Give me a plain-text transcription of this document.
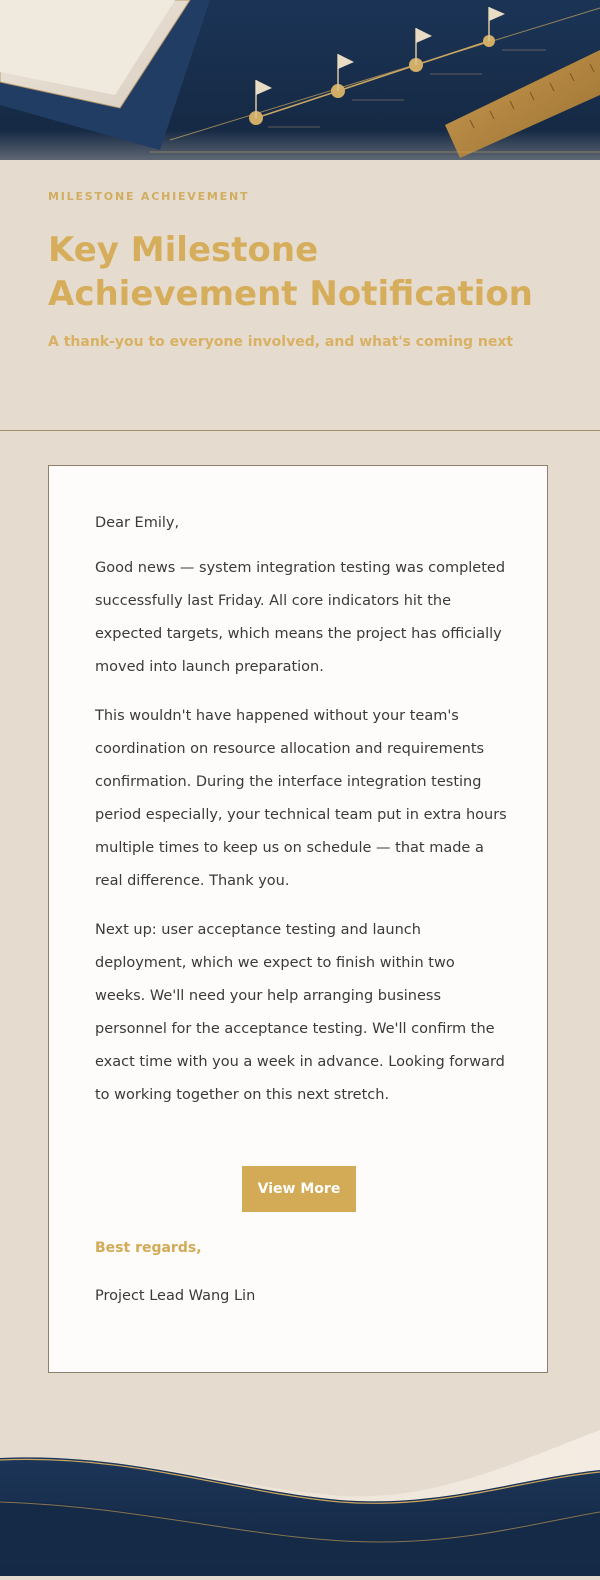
MILESTONE ACHIEVEMENT
Key Milestone Achievement Notification
A thank-you to everyone involved, and what's coming next

Dear Emily,

Good news — system integration testing was completed successfully last Friday. All core indicators hit the expected targets, which means the project has officially moved into launch preparation.

This wouldn't have happened without your team's coordination on resource allocation and requirements confirmation. During the interface integration testing period especially, your technical team put in extra hours multiple times to keep us on schedule — that made a real difference. Thank you.

Next up: user acceptance testing and launch deployment, which we expect to finish within two weeks. We'll need your help arranging business personnel for the acceptance testing. We'll confirm the exact time with you a week in advance. Looking forward to working together on this next stretch.

View More
Best regards,
Project Lead Wang Lin
